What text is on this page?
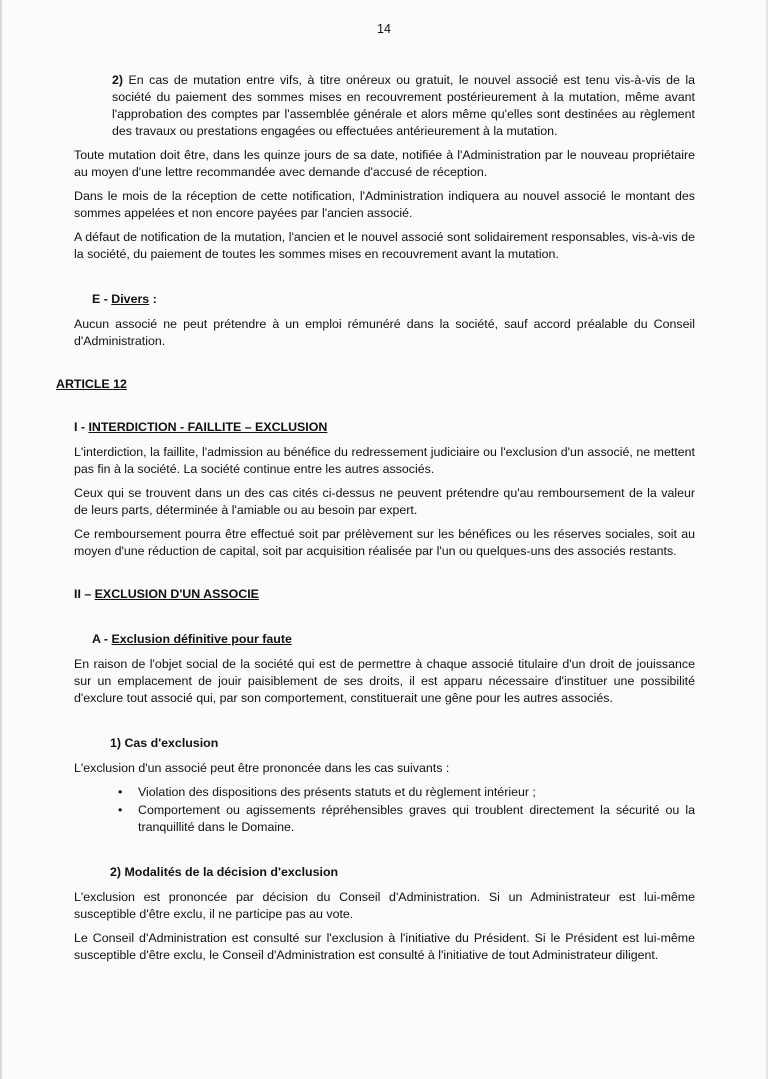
14

2) En cas de mutation entre vifs, à titre onéreux ou gratuit, le nouvel associé est tenu vis-à-vis de la société du paiement des sommes mises en recouvrement postérieurement à la mutation, même avant l'approbation des comptes par l'assemblée générale et alors même qu'elles sont destinées au règlement des travaux ou prestations engagées ou effectuées antérieurement à la mutation.

Toute mutation doit être, dans les quinze jours de sa date, notifiée à l'Administration par le nouveau propriétaire au moyen d'une lettre recommandée avec demande d'accusé de réception.

Dans le mois de la réception de cette notification, l'Administration indiquera au nouvel associé le montant des sommes appelées et non encore payées par l'ancien associé.

A défaut de notification de la mutation, l'ancien et le nouvel associé sont solidairement responsables, vis-à-vis de la société, du paiement de toutes les sommes mises en recouvrement avant la mutation.

E - Divers :

Aucun associé ne peut prétendre à un emploi rémunéré dans la société, sauf accord préalable du Conseil d'Administration.

ARTICLE 12
I - INTERDICTION - FAILLITE – EXCLUSION

L'interdiction, la faillite, l'admission au bénéfice du redressement judiciaire ou l'exclusion d'un associé, ne mettent pas fin à la société. La société continue entre les autres associés.

Ceux qui se trouvent dans un des cas cités ci-dessus ne peuvent prétendre qu'au remboursement de la valeur de leurs parts, déterminée à l'amiable ou au besoin par expert.

Ce remboursement pourra être effectué soit par prélèvement sur les bénéfices ou les réserves sociales, soit au moyen d'une réduction de capital, soit par acquisition réalisée par l'un ou quelques-uns des associés restants.

II – EXCLUSION D'UN ASSOCIE
A - Exclusion définitive pour faute

En raison de l'objet social de la société qui est de permettre à chaque associé titulaire d'un droit de jouissance sur un emplacement de jouir paisiblement de ses droits, il est apparu nécessaire d'instituer une possibilité d'exclure tout associé qui, par son comportement, constituerait une gêne pour les autres associés.

1) Cas d'exclusion

L'exclusion d'un associé peut être prononcée dans les cas suivants :

• Violation des dispositions des présents statuts et du règlement intérieur ;
• Comportement ou agissements répréhensibles graves qui troublent directement la sécurité ou la tranquillité dans le Domaine.
2) Modalités de la décision d'exclusion

L'exclusion est prononcée par décision du Conseil d'Administration. Si un Administrateur est lui-même susceptible d'être exclu, il ne participe pas au vote.

Le Conseil d'Administration est consulté sur l'exclusion à l'initiative du Président. Si le Président est lui-même susceptible d'être exclu, le Conseil d'Administration est consulté à l'initiative de tout Administrateur diligent.
